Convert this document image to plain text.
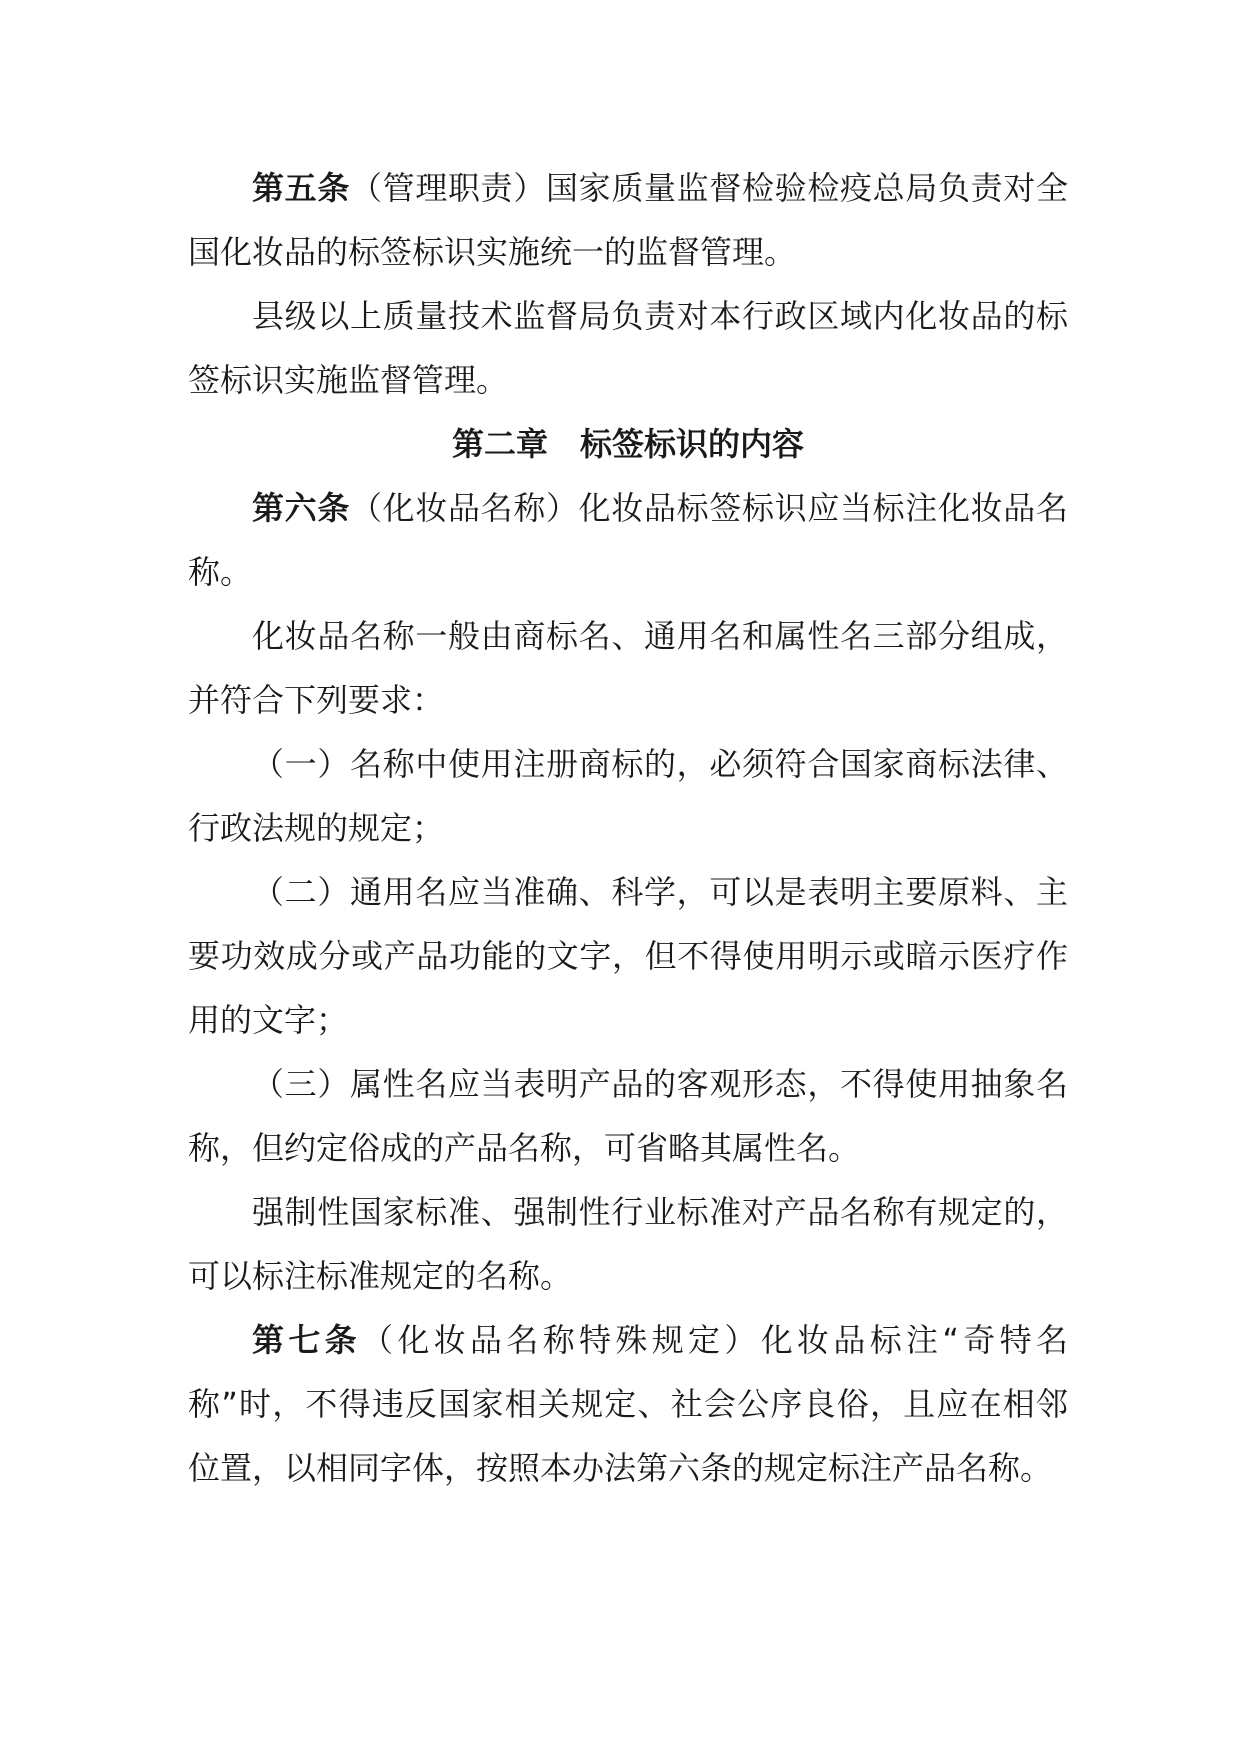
第五条（管理职责）国家质量监督检验检疫总局负责对全国化妆品的标签标识实施统一的监督管理。

县级以上质量技术监督局负责对本行政区域内化妆品的标签标识实施监督管理。

第二章　标签标识的内容

第六条（化妆品名称）化妆品标签标识应当标注化妆品名称。

化妆品名称一般由商标名、通用名和属性名三部分组成，并符合下列要求：

（一）名称中使用注册商标的，必须符合国家商标法律、行政法规的规定；

（二）通用名应当准确、科学，可以是表明主要原料、主要功效成分或产品功能的文字，但不得使用明示或暗示医疗作用的文字；

（三）属性名应当表明产品的客观形态，不得使用抽象名称，但约定俗成的产品名称，可省略其属性名。

强制性国家标准、强制性行业标准对产品名称有规定的，可以标注标准规定的名称。

第七条（化妆品名称特殊规定）化妆品标注“奇特名称”时，不得违反国家相关规定、社会公序良俗，且应在相邻位置，以相同字体，按照本办法第六条的规定标注产品名称。
